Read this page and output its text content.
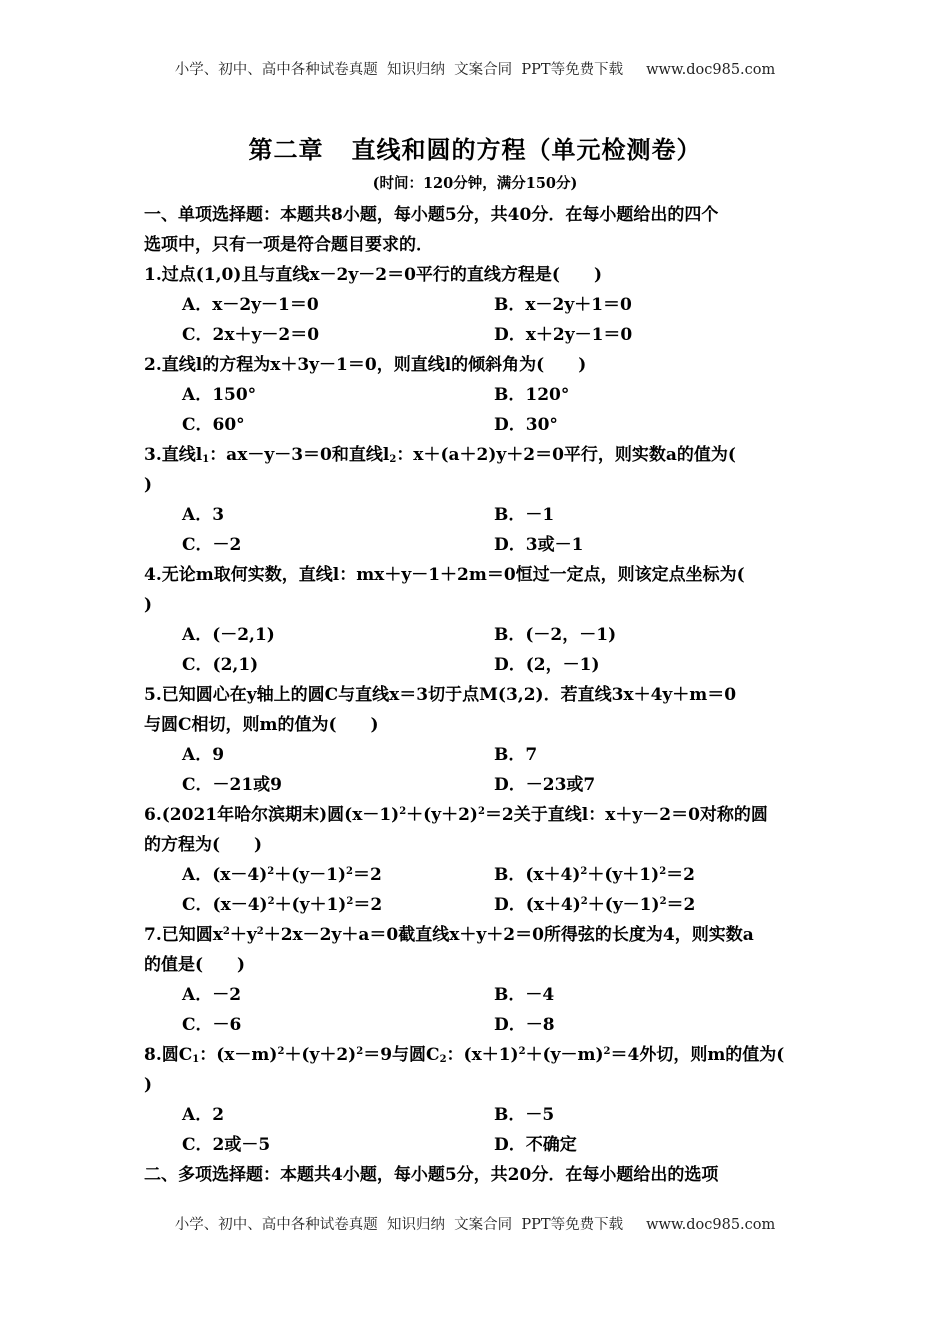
小学、初中、高中各种试卷真题  知识归纳  文案合同  PPT等免费下载     www.doc985.com
第二章   直线和圆的方程（单元检测卷）
(时间：120分钟，满分150分)
一、单项选择题：本题共8小题，每小题5分，共40分．在每小题给出的四个
选项中，只有一项是符合题目要求的．
1.过点(1,0)且与直线x－2y－2＝0平行的直线方程是(　　)
A．x－2y－1＝0	B．x－2y＋1＝0
C．2x＋y－2＝0	D．x＋2y－1＝0
2.直线l的方程为x＋3y－1＝0，则直线l的倾斜角为(　　)
A．150°	B．120°
C．60°	D．30°
3.直线$l_1$：ax－y－3＝0和直线$l_2$：x＋(a＋2)y＋2＝0平行，则实数a的值为(
)
A．3	B．－1
C．－2	D．3或－1
4.无论m取何实数，直线l：mx＋y－1＋2m＝0恒过一定点，则该定点坐标为(
)
A．(－2,1)	B．(－2，－1)
C．(2,1)	D．(2，－1)
5.已知圆心在y轴上的圆C与直线x＝3切于点M(3,2)．若直线3x＋4y＋m＝0
与圆C相切，则m的值为(　　)
A．9	B．7
C．－21或9	D．－23或7
6.(2021年哈尔滨期末)圆$(x-1)^2+(y+2)^2=2$关于直线l：x＋y－2＝0对称的圆
的方程为(　　)
A．$(x-4)^2+(y-1)^2=2$	B．$(x+4)^2+(y+1)^2=2$
C．$(x-4)^2+(y+1)^2=2$	D．$(x+4)^2+(y-1)^2=2$
7.已知圆$x^2+y^2+2x-2y+a=0$截直线x＋y＋2＝0所得弦的长度为4，则实数a
的值是(　　)
A．－2	B．－4
C．－6	D．－8
8.圆$C_1$：$(x-m)^2+(y+2)^2=9$与圆$C_2$：$(x+1)^2+(y-m)^2=4$外切，则m的值为(
)
A．2	B．－5
C．2或－5	D．不确定
二、多项选择题：本题共4小题，每小题5分，共20分．在每小题给出的选项
小学、初中、高中各种试卷真题  知识归纳  文案合同  PPT等免费下载     www.doc985.com
